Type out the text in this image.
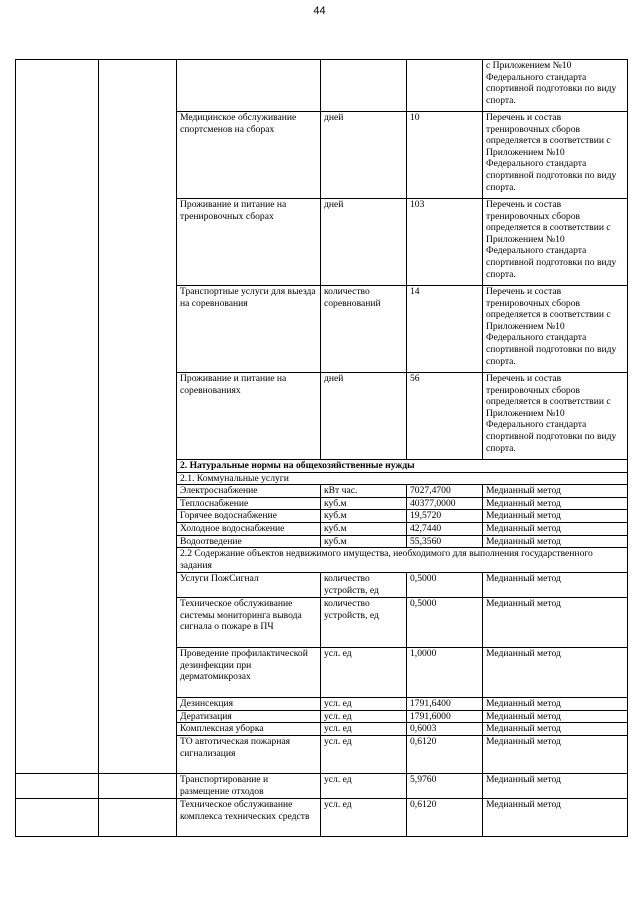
44
					с Приложением №10 Федерального стандарта спортивной подготовки по виду спорта.
		Медицинское обслуживание спортсменов на сборах	дней	10	Перечень и состав тренировочных сборов определяется в соответствии с Приложением №10 Федерального стандарта спортивной подготовки по виду спорта.
		Проживание и питание на тренировочных сборах	дней	103	Перечень и состав тренировочных сборов определяется в соответствии с Приложением №10 Федерального стандарта спортивной подготовки по виду спорта.
		Транспортные услуги для выезда на соревнования	количество соревнований	14	Перечень и состав тренировочных сборов определяется в соответствии с Приложением №10 Федерального стандарта спортивной подготовки по виду спорта.
		Проживание и питание на соревнованиях	дней	56	Перечень и состав тренировочных сборов определяется в соответствии с Приложением №10 Федерального стандарта спортивной подготовки по виду спорта.
		2. Натуральные нормы на общехозяйственные нужды			
		2.1. Коммунальные услуги			
		Электроснабжение	кВт час.	7027,4700	Медианный метод
		Теплоснабжение	куб.м	40377,0000	Медианный метод
		Горячее водоснабжение	куб.м	19,5720	Медианный метод
		Холодное водоснабжение	куб.м	42,7440	Медианный метод
		Водоотведение	куб.м	55,3560	Медианный метод
		2.2 Содержание объектов недвижимого имущества, необходимого для выполнения государственного задания			
		Услуги ПожСигнал	количество устройств, ед	0,5000	Медианный метод
		Техническое обслуживание системы мониторинга вывода сигнала о пожаре в ПЧ	количество устройств, ед	0,5000	Медианный метод
		Проведение профилактической дезинфекции при дерматомикрозах	усл. ед	1,0000	Медианный метод
		Дезинсекция	усл. ед	1791,6400	Медианный метод
		Дератизация	усл. ед	1791,6000	Медианный метод
		Комплексная уборка	усл. ед	0,6003	Медианный метод
		ТО автотическая пожарная сигнализация	усл. ед	0,6120	Медианный метод
		Транспортирование и размещение отходов	усл. ед	5,9760	Медианный метод
		Техническое обслуживание комплекса технических средств	усл. ед	0,6120	Медианный метод
